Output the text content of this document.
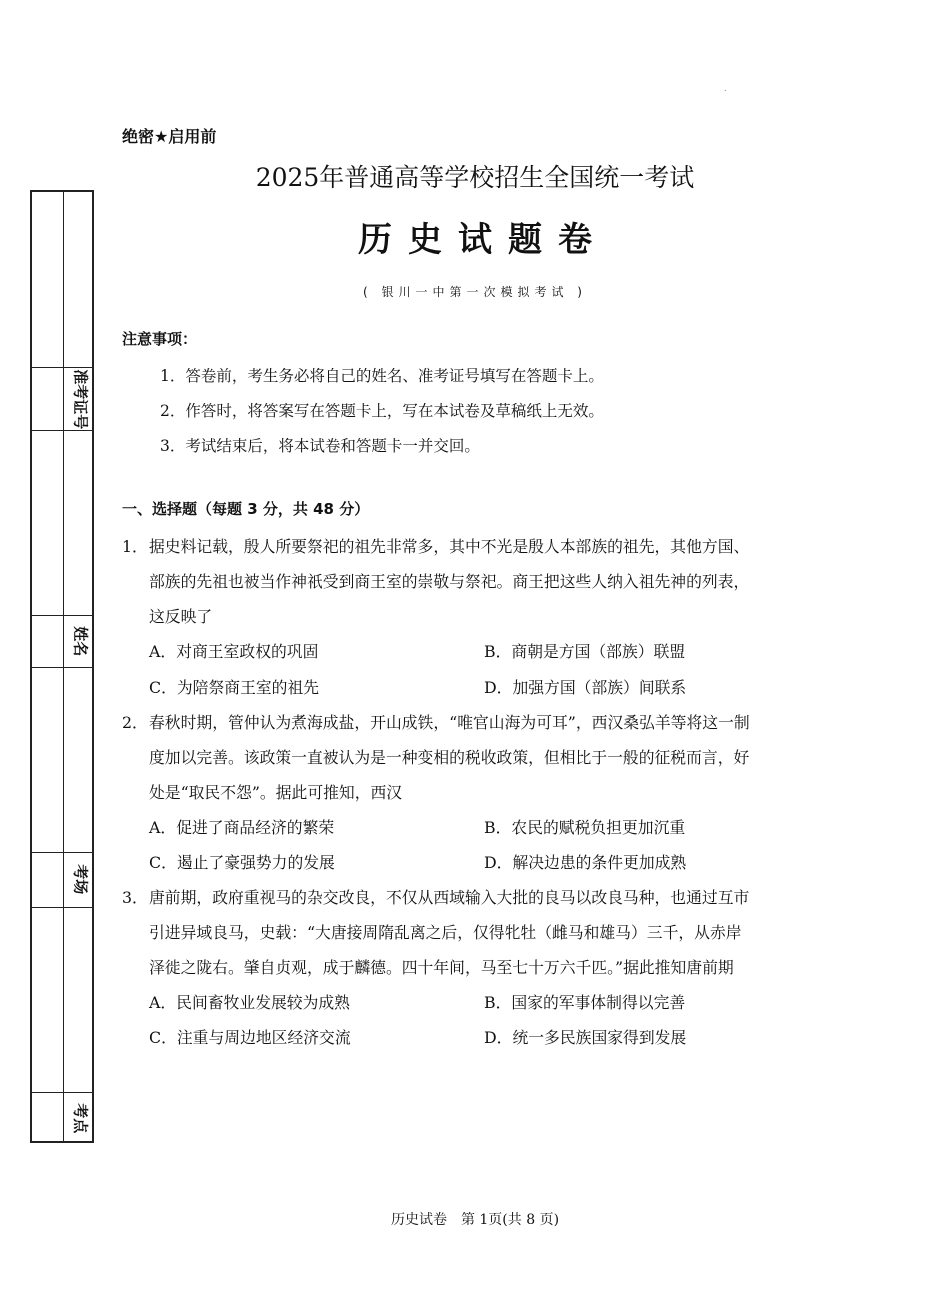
.
准考证号
姓名
考场
考点
绝密★启用前
2025年普通高等学校招生全国统一考试
历史试题卷
( 银川一中第一次模拟考试 )
注意事项：
1．答卷前，考生务必将自己的姓名、准考证号填写在答题卡上。
2．作答时，将答案写在答题卡上，写在本试卷及草稿纸上无效。
3．考试结束后，将本试卷和答题卡一并交回。
一、选择题（每题 3 分，共 48 分）
1． 据史料记载，殷人所要祭祀的祖先非常多，其中不光是殷人本部族的祖先，其他方国、
部族的先祖也被当作神祇受到商王室的崇敬与祭祀。商王把这些人纳入祖先神的列表，
这反映了
A．对商王室政权的巩固	B．商朝是方国（部族）联盟
C．为陪祭商王室的祖先	D．加强方国（部族）间联系
2． 春秋时期，管仲认为煮海成盐，开山成铁，“唯官山海为可耳”，西汉桑弘羊等将这一制
度加以完善。该政策一直被认为是一种变相的税收政策，但相比于一般的征税而言，好
处是“取民不怨”。据此可推知，西汉
A．促进了商品经济的繁荣	B．农民的赋税负担更加沉重
C．遏止了豪强势力的发展	D．解决边患的条件更加成熟
3． 唐前期，政府重视马的杂交改良，不仅从西域输入大批的良马以改良马种，也通过互市
引进异域良马，史载：“大唐接周隋乱离之后，仅得牝牡（雌马和雄马）三千，从赤岸
泽徙之陇右。肇自贞观，成于麟德。四十年间，马至七十万六千匹。”据此推知唐前期
A．民间畜牧业发展较为成熟	B．国家的军事体制得以完善
C．注重与周边地区经济交流	D．统一多民族国家得到发展
历史试卷　第 1页(共 8 页)
